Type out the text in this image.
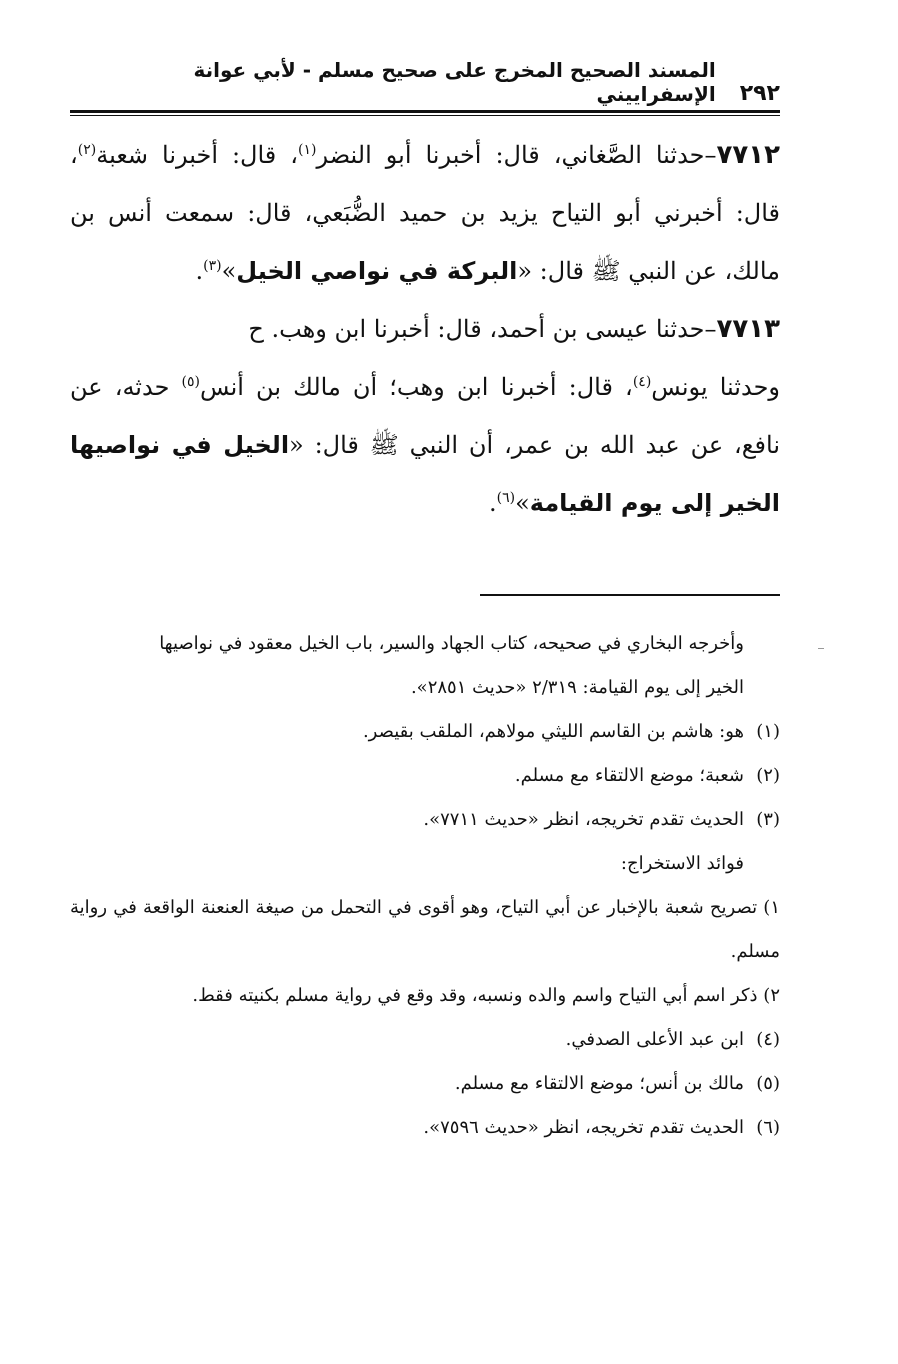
٢٩٢
المسند الصحيح المخرج على صحيح مسلم - لأبي عوانة الإسفراييني

٧٧١٢–حدثنا الصَّغاني، قال: أخبرنا أبو النضر$^{(١)}$، قال: أخبرنا شعبة$^{(٢)}$، قال: أخبرني أبو التياح يزيد بن حميد الضُّبَعي، قال: سمعت أنس بن مالك، عن النبي ﷺ قال: «البركة في نواصي الخيل»$^{(٣)}$.

٧٧١٣–حدثنا عيسى بن أحمد، قال: أخبرنا ابن وهب. ح

وحدثنا يونس$^{(٤)}$، قال: أخبرنا ابن وهب؛ أن مالك بن أنس$^{(٥)}$ حدثه، عن نافع، عن عبد الله بن عمر، أن النبي ﷺ قال: «الخيل في نواصيها الخير إلى يوم القيامة»$^{(٦)}$.

وأخرجه البخاري في صحيحه، كتاب الجهاد والسير، باب الخيل معقود في نواصيها

الخير إلى يوم القيامة: ٢/٣١٩ «حديث ٢٨٥١».

(١)هو: هاشم بن القاسم الليثي مولاهم، الملقب بقيصر.

(٢)شعبة؛ موضع الالتقاء مع مسلم.

(٣)الحديث تقدم تخريجه، انظر «حديث ٧٧١١».

فوائد الاستخراج:

١) تصريح شعبة بالإخبار عن أبي التياح، وهو أقوى في التحمل من صيغة العنعنة الواقعة في رواية مسلم.

٢) ذكر اسم أبي التياح واسم والده ونسبه، وقد وقع في رواية مسلم بكنيته فقط.

(٤)ابن عبد الأعلى الصدفي.

(٥)مالك بن أنس؛ موضع الالتقاء مع مسلم.

(٦)الحديث تقدم تخريجه، انظر «حديث ٧٥٩٦».
